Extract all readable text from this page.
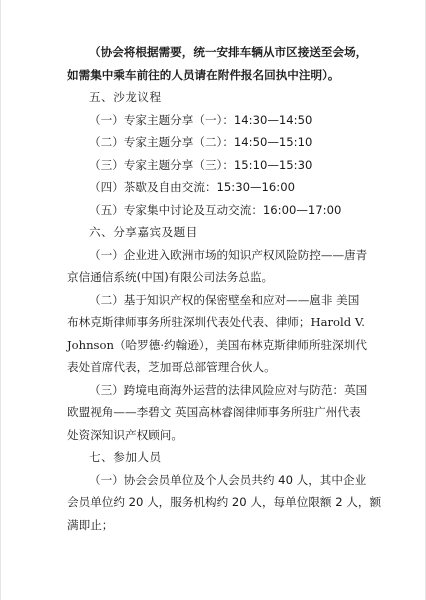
（协会将根据需要，统一安排车辆从市区接送至会场，

如需集中乘车前往的人员请在附件报名回执中注明）。

五、沙龙议程

（一）专家主题分享（一）：14:30—14:50

（二）专家主题分享（二）：14:50—15:10

（三）专家主题分享（三）：15:10—15:30

（四）茶歇及自由交流：15:30—16:00

（五）专家集中讨论及互动交流：16:00—17:00

六、分享嘉宾及题目

（一）企业进入欧洲市场的知识产权风险防控——唐青

京信通信系统(中国)有限公司法务总监。

（二）基于知识产权的保密壁垒和应对——扈非 美国

布林克斯律师事务所驻深圳代表处代表、律师；Harold V.

Johnson（哈罗德·约翰逊），美国布林克斯律师所驻深圳代

表处首席代表，芝加哥总部管理合伙人。

（三）跨境电商海外运营的法律风险应对与防范：英国

欧盟视角——李碧文 英国高林睿阁律师事务所驻广州代表

处资深知识产权顾问。

七、参加人员

（一）协会会员单位及个人会员共约 40 人，其中企业

会员单位约 20 人，服务机构约 20 人，每单位限额 2 人，额

满即止；
